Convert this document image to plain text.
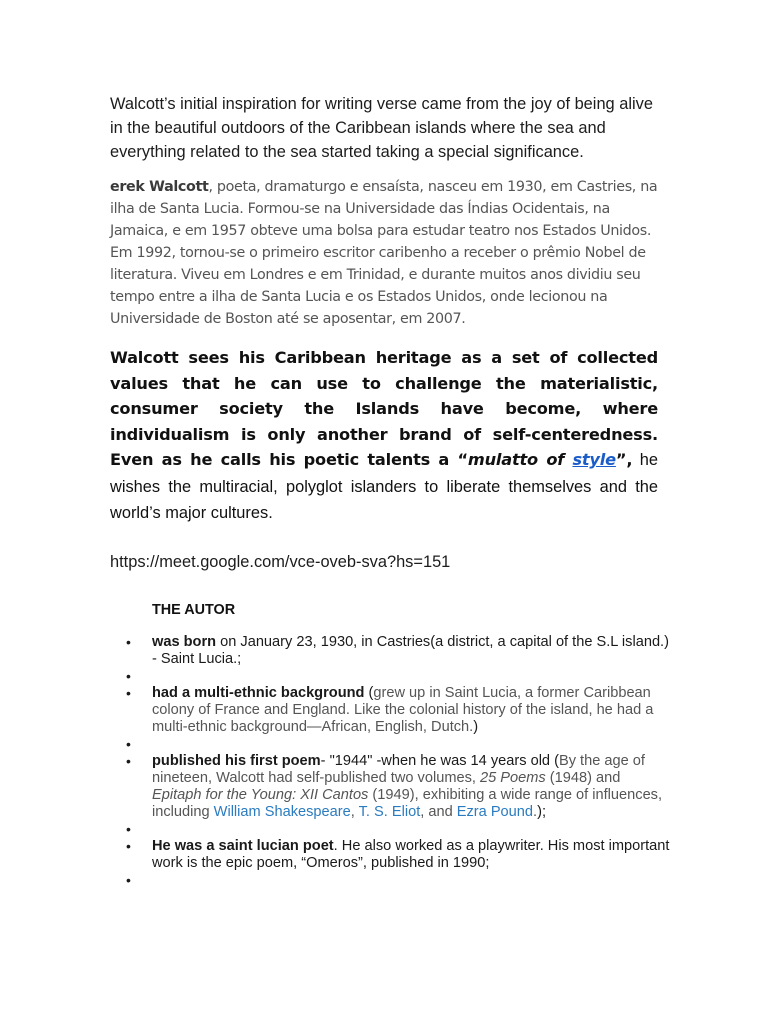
Walcott’s initial inspiration for writing verse came from the joy of being alive in the beautiful outdoors of the Caribbean islands where the sea and everything related to the sea started taking a special significance.

erek Walcott, poeta, dramaturgo e ensaísta, nasceu em 1930, em Castries, na ilha de Santa Lucia. Formou-se na Universidade das Índias Ocidentais, na Jamaica, e em 1957 obteve uma bolsa para estudar teatro nos Estados Unidos. Em 1992, tornou-se o primeiro escritor caribenho a receber o prêmio Nobel de literatura. Viveu em Londres e em Trinidad, e durante muitos anos dividiu seu tempo entre a ilha de Santa Lucia e os Estados Unidos, onde lecionou na Universidade de Boston até se aposentar, em 2007.

Walcott sees his Caribbean heritage as a set of collected values that he can use to challenge the materialistic, consumer society the Islands have become, where individualism is only another brand of self-centeredness. Even as he calls his poetic talents a “mulatto of style”, he wishes the multiracial, polyglot islanders to liberate themselves and the world’s major cultures.

https://meet.google.com/vce-oveb-sva?hs=151

THE AUTOR
• was born on January 23, 1930, in Castries(a district, a capital of the S.L island.) - Saint Lucia.;
•
• had a multi-ethnic background (grew up in Saint Lucia, a former Caribbean colony of France and England. Like the colonial history of the island, he had a multi-ethnic background—African, English, Dutch.)
•
• published his first poem- "1944" -when he was 14 years old (By the age of nineteen, Walcott had self-published two volumes, 25 Poems (1948) and Epitaph for the Young: XII Cantos (1949), exhibiting a wide range of influences, including William Shakespeare, T. S. Eliot, and Ezra Pound.);
•
• He was a saint lucian poet. He also worked as a playwriter. His most important work is the epic poem, “Omeros”, published in 1990;
•
